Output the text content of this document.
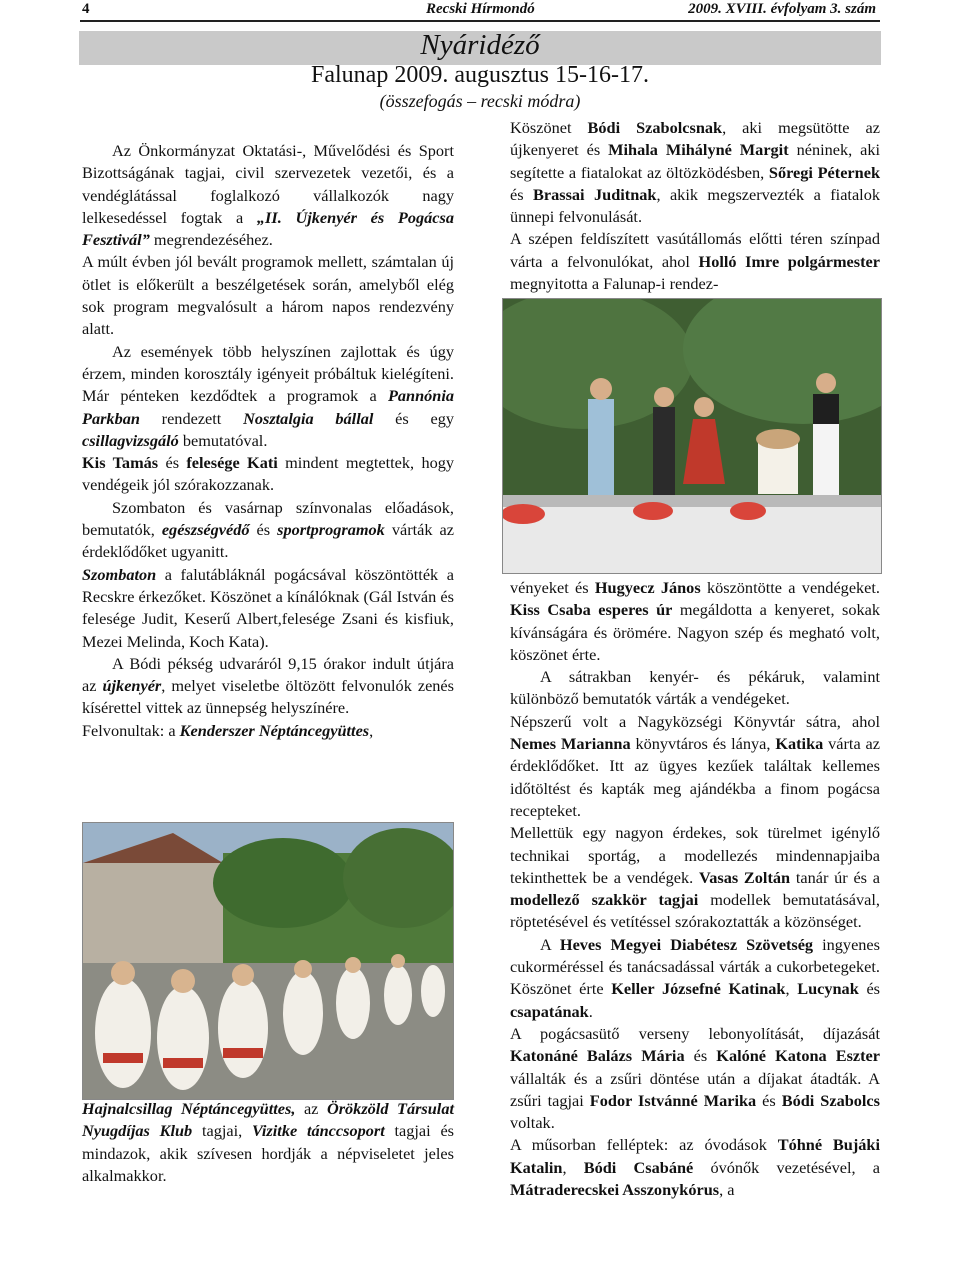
4	Recski Hírmondó	2009. XVIII. évfolyam 3. szám
Nyáridéző
Falunap 2009. augusztus 15-16-17.
(összefogás – recski módra)

Az Önkormányzat Oktatási-, Művelődési és Sport Bizottságának tagjai, civil szervezetek vezetői, és a vendéglátással foglalkozó vállalkozók nagy lelkesedéssel fogtak a „II. Újkenyér és Pogácsa Fesztivál” megrendezéséhez.

A múlt évben jól bevált programok mellett, számtalan új ötlet is előkerült a beszélgetések során, amelyből elég sok program megvalósult a három napos rendezvény alatt.

Az események több helyszínen zajlottak és úgy érzem, minden korosztály igényeit próbáltuk kielégíteni. Már pénteken kezdődtek a programok a Pannónia Parkban rendezett Nosztalgia bállal és egy csillagvizsgáló bemutatóval.

Kis Tamás és felesége Kati mindent megtettek, hogy vendégeik jól szórakozzanak.

Szombaton és vasárnap színvonalas előadások, bemutatók, egészségvédő és sportprogramok várták az érdeklődőket ugyanitt.

Szombaton a falutábláknál pogácsával köszöntötték a Recskre érkezőket. Köszönet a kínálóknak (Gál István és felesége Judit, Keserű Albert,felesége Zsani és kisfiuk, Mezei Melinda, Koch Kata).

A Bódi pékség udvaráról 9,15 órakor indult útjára az újkenyér, melyet viseletbe öltözött felvonulók zenés kísérettel vittek az ünnepség helyszínére.

Felvonultak: a Kenderszer Néptáncegyüttes,

Hajnalcsillag Néptáncegyüttes, az Örökzöld Társulat Nyugdíjas Klub tagjai, Vizitke tánccsoport tagjai és mindazok, akik szívesen hordják a népviseletet jeles alkalmakkor.

Köszönet Bódi Szabolcsnak, aki megsütötte az újkenyeret és Mihala Mihályné Margit néninek, aki segítette a fiatalokat az öltözködésben, Sőregi Péternek és Brassai Juditnak, akik megszervezték a fiatalok ünnepi felvonulását.

A szépen feldíszített vasútállomás előtti téren színpad várta a felvonulókat, ahol Holló Imre polgármester megnyitotta a Falunap-i rendez-

vényeket és Hugyecz János köszöntötte a vendégeket. Kiss Csaba esperes úr megáldotta a kenyeret, sokak kívánságára és örömére. Nagyon szép és megható volt, köszönet érte.

A sátrakban kenyér- és pékáruk, valamint különböző bemutatók várták a vendégeket.

Népszerű volt a Nagyközségi Könyvtár sátra, ahol Nemes Marianna könyvtáros és lánya, Katika várta az érdeklődőket. Itt az ügyes kezűek találtak kellemes időtöltést és kapták meg ajándékba a finom pogácsa recepteket.

Mellettük egy nagyon érdekes, sok türelmet igénylő technikai sportág, a modellezés mindennapjaiba tekinthettek be a vendégek. Vasas Zoltán tanár úr és a modellező szakkör tagjai modellek bemutatásával, röptetésével és vetítéssel szórakoztatták a közönséget.

A Heves Megyei Diabétesz Szövetség ingyenes cukorméréssel és tanácsadással várták a cukorbetegeket. Köszönet érte Keller Józsefné Katinak, Lucynak és csapatának.

A pogácsasütő verseny lebonyolítását, díjazását Katonáné Balázs Mária és Kalóné Katona Eszter vállalták és a zsűri döntése után a díjakat átadták. A zsűri tagjai Fodor Istvánné Marika és Bódi Szabolcs voltak.

A műsorban felléptek: az óvodások Tóhné Bujáki Katalin, Bódi Csabáné óvónők vezetésével, a Mátraderecskei Asszonykórus, a
